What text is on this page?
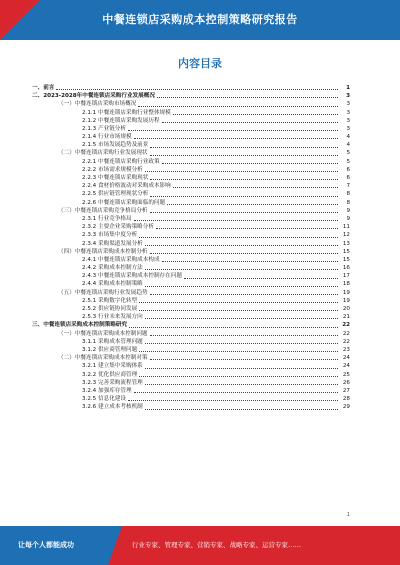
中餐连锁店采购成本控制策略研究报告
内容目录
一、前言	1
二、2023-2028年中餐连锁店采购行业发展概况	3
（一）中餐连锁店采购市场概况	3
2.1.1 中餐连锁店采购行业整体规模	3
2.1.2 中餐连锁店采购发展历程	3
2.1.3 产业链分析	3
2.1.4 行业市场规模	4
2.1.5 市场发展趋势及前景	4
（二）中餐连锁店采购行业发展现状	5
2.2.1 中餐连锁店采购行业政策	5
2.2.2 市场需求规模分析	6
2.2.3 中餐连锁店采购现状	6
2.2.4 食材价格波动对采购成本影响	7
2.2.5 供应链管理现状分析	8
2.2.6 中餐连锁店采购面临的问题	8
（三）中餐连锁店采购竞争格局分析	9
2.3.1 行业竞争格局	9
2.3.2 主要企业采购策略分析	11
2.3.3 市场集中度分析	12
2.3.4 采购渠道发展分析	13
（四）中餐连锁店采购成本控制分析	15
2.4.1 中餐连锁店采购成本构成	15
2.4.2 采购成本控制方法	16
2.4.3 中餐连锁店采购成本控制存在问题	17
2.4.4 采购成本控制策略	18
（五）中餐连锁店采购行业发展趋势	19
2.5.1 采购数字化转型	19
2.5.2 供应链协同发展	20
2.5.3 行业未来发展方向	21
三、中餐连锁店采购成本控制策略研究	22
（一）中餐连锁店采购成本控制问题	22
3.1.1 采购成本管理问题	22
3.1.2 供应商管理问题	23
（二）中餐连锁店采购成本控制对策	24
3.2.1 建立集中采购体系	24
3.2.2 优化供应商管理	25
3.2.3 完善采购流程管理	26
3.2.4 加强库存管理	27
3.2.5 信息化建设	28
3.2.6 建立成本考核机制	29
1
让每个人都能成功	行业专家、管理专家、营销专家、战略专家、运营专家……
